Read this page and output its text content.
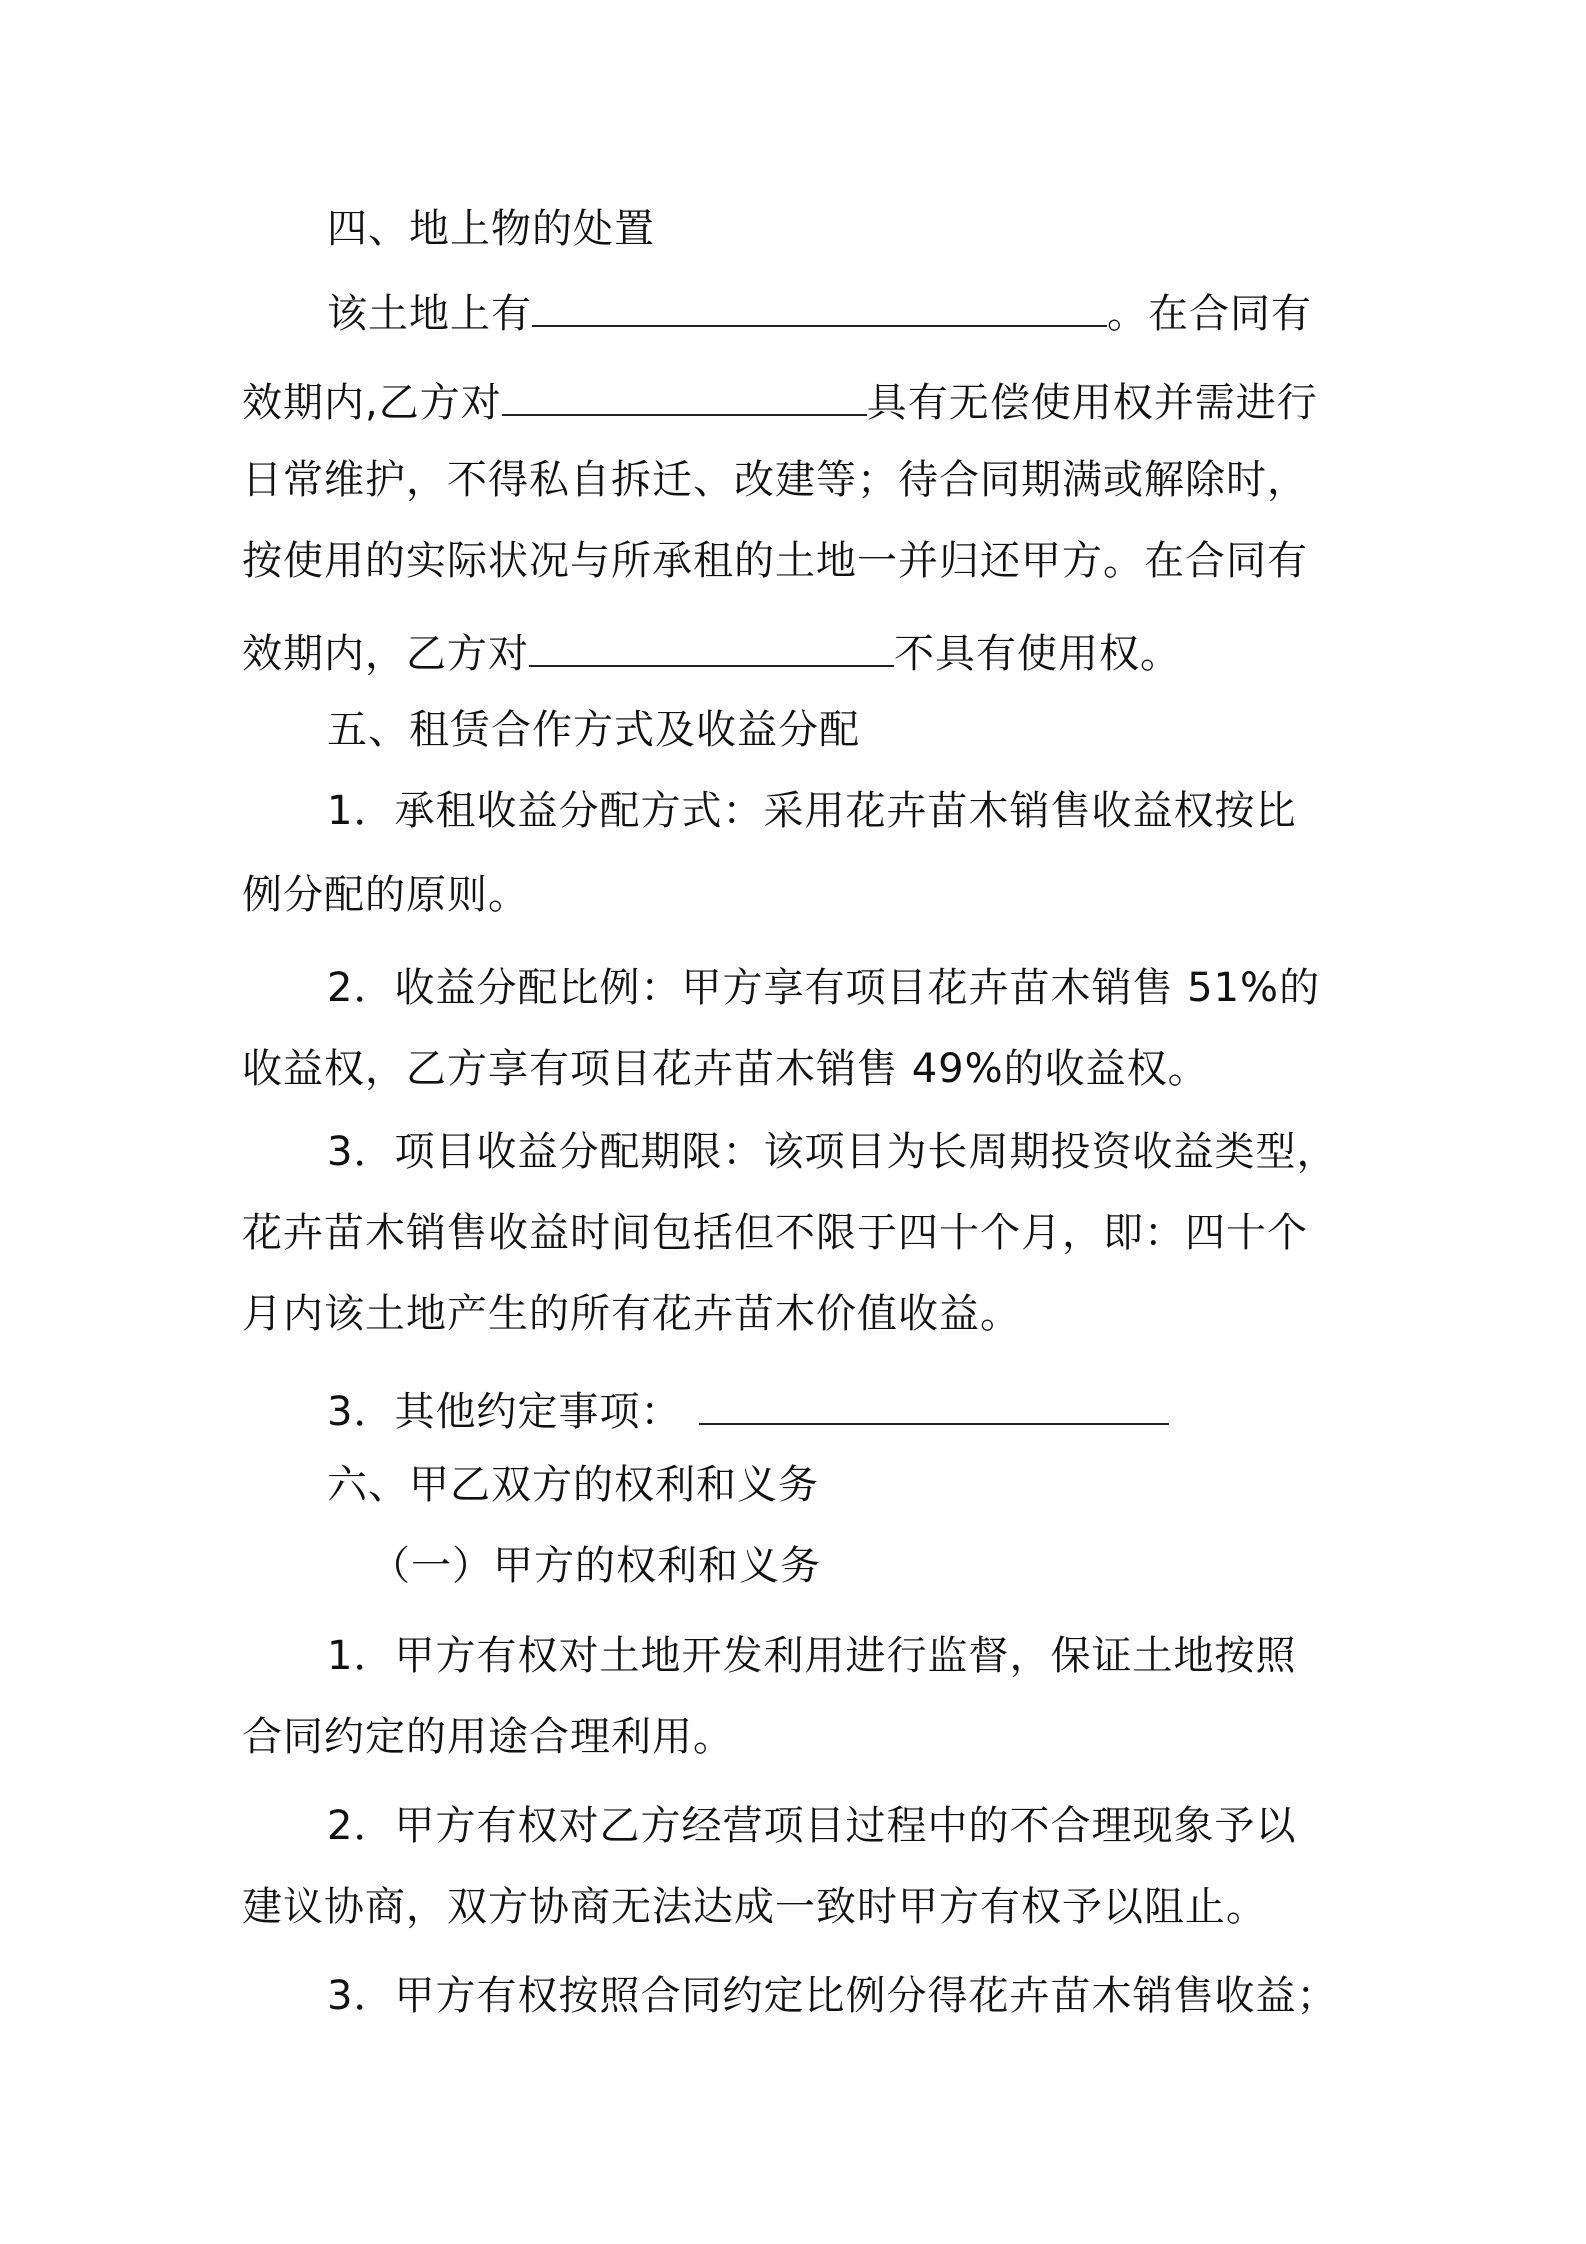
四、地上物的处置
该土地上有	。在合同有
效期内,乙方对	具有无偿使用权并需进行
日常维护，不得私自拆迁、改建等；待合同期满或解除时，
按使用的实际状况与所承租的土地一并归还甲方。在合同有
效期内，乙方对	不具有使用权。
五、租赁合作方式及收益分配
1．承租收益分配方式：采用花卉苗木销售收益权按比
例分配的原则。
2．收益分配比例：甲方享有项目花卉苗木销售 51%的
收益权，乙方享有项目花卉苗木销售 49%的收益权。
3．项目收益分配期限：该项目为长周期投资收益类型，
花卉苗木销售收益时间包括但不限于四十个月，即：四十个
月内该土地产生的所有花卉苗木价值收益。
3．其他约定事项：
六、甲乙双方的权利和义务
（一）甲方的权利和义务
1．甲方有权对土地开发利用进行监督，保证土地按照
合同约定的用途合理利用。
2．甲方有权对乙方经营项目过程中的不合理现象予以
建议协商，双方协商无法达成一致时甲方有权予以阻止。
3．甲方有权按照合同约定比例分得花卉苗木销售收益；
